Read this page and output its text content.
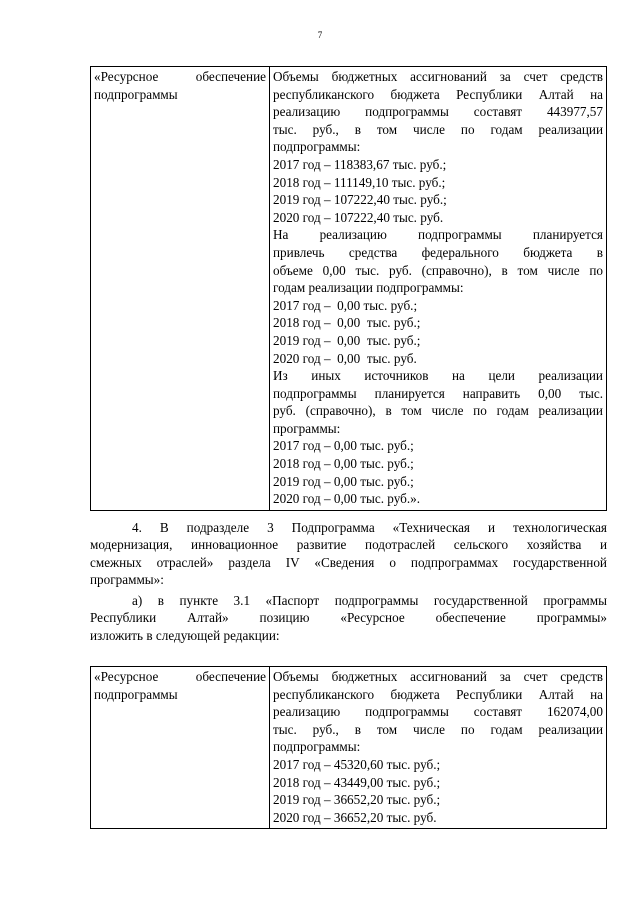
7
«Ресурсное обеспечение
подпрограммы

Объемы бюджетных ассигнований за счет средств
республиканского бюджета Республики Алтай на
реализацию подпрограммы составят 443977,57
тыс. руб., в том числе по годам реализации
подпрограммы:
2017 год – 118383,67 тыс. руб.;
2018 год – 111149,10 тыс. руб.;
2019 год – 107222,40 тыс. руб.;
2020 год – 107222,40 тыс. руб.
На реализацию подпрограммы планируется
привлечь средства федерального бюджета в
объеме 0,00 тыс. руб. (справочно), в том числе по
годам реализации подпрограммы:
2017 год –  0,00 тыс. руб.;
2018 год –  0,00  тыс. руб.;
2019 год –  0,00  тыс. руб.;
2020 год –  0,00  тыс. руб.
Из иных источников на цели реализации
подпрограммы планируется направить 0,00 тыс.
руб. (справочно), в том числе по годам реализации
программы:
2017 год – 0,00 тыс. руб.;
2018 год – 0,00 тыс. руб.;
2019 год – 0,00 тыс. руб.;
2020 год – 0,00 тыс. руб.».
4. В подразделе 3 Подпрограмма «Техническая и технологическая
модернизация, инновационное развитие подотраслей сельского хозяйства и
смежных отраслей» раздела IV «Сведения о подпрограммах государственной
программы»:
а) в пункте 3.1 «Паспорт подпрограммы государственной программы
Республики Алтай» позицию «Ресурсное обеспечение программы»
изложить в следующей редакции:
«Ресурсное обеспечение
подпрограммы

Объемы бюджетных ассигнований за счет средств
республиканского бюджета Республики Алтай на
реализацию подпрограммы составят 162074,00
тыс. руб., в том числе по годам реализации
подпрограммы:
2017 год – 45320,60 тыс. руб.;
2018 год – 43449,00 тыс. руб.;
2019 год – 36652,20 тыс. руб.;
2020 год – 36652,20 тыс. руб.
